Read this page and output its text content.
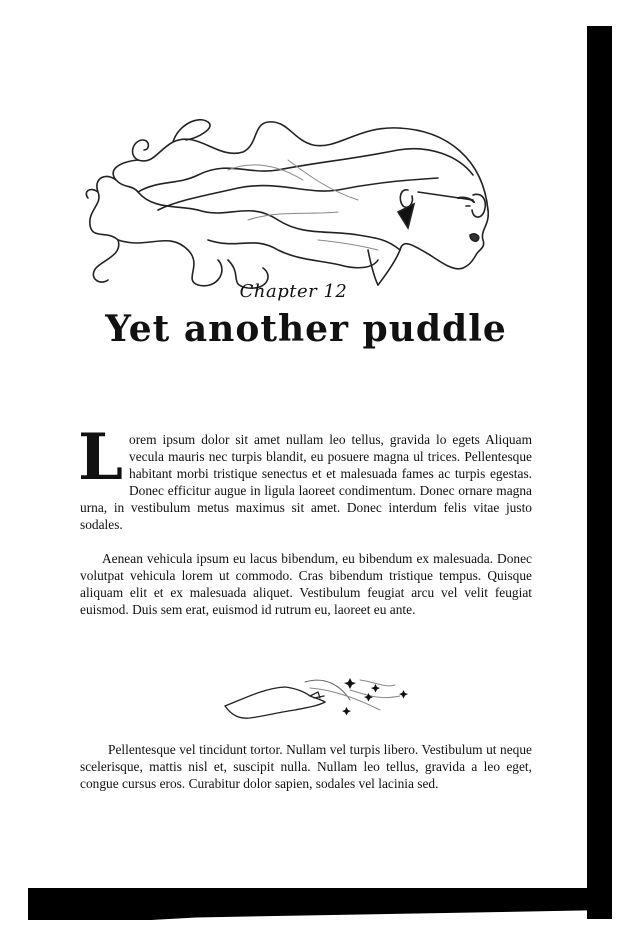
Chapter 12
Yet another puddle

Lorem ipsum dolor sit amet nullam leo tellus, gravida lo egets Aliquam vecula mauris nec turpis blandit, eu posuere magna ul trices. Pellentesque habitant morbi tristique senectus et et malesuada fames ac turpis egestas. Donec efficitur augue in ligula laoreet condimentum. Donec ornare magna urna, in vestibulum metus maximus sit amet. Donec interdum felis vitae justo sodales.

Aenean vehicula ipsum eu lacus bibendum, eu bibendum ex malesuada. Donec volutpat vehicula lorem ut commodo. Cras bibendum tristique tempus. Quisque aliquam elit et ex malesuada aliquet. Vestibulum feugiat arcu vel velit feugiat euismod. Duis sem erat, euismod id rutrum eu, laoreet eu ante.

Pellentesque vel tincidunt tortor. Nullam vel turpis libero. Vestibulum ut neque scelerisque, mattis nisl et, suscipit nulla. Nullam leo tellus, gravida a leo eget, congue cursus eros. Curabitur dolor sapien, sodales vel lacinia sed.
